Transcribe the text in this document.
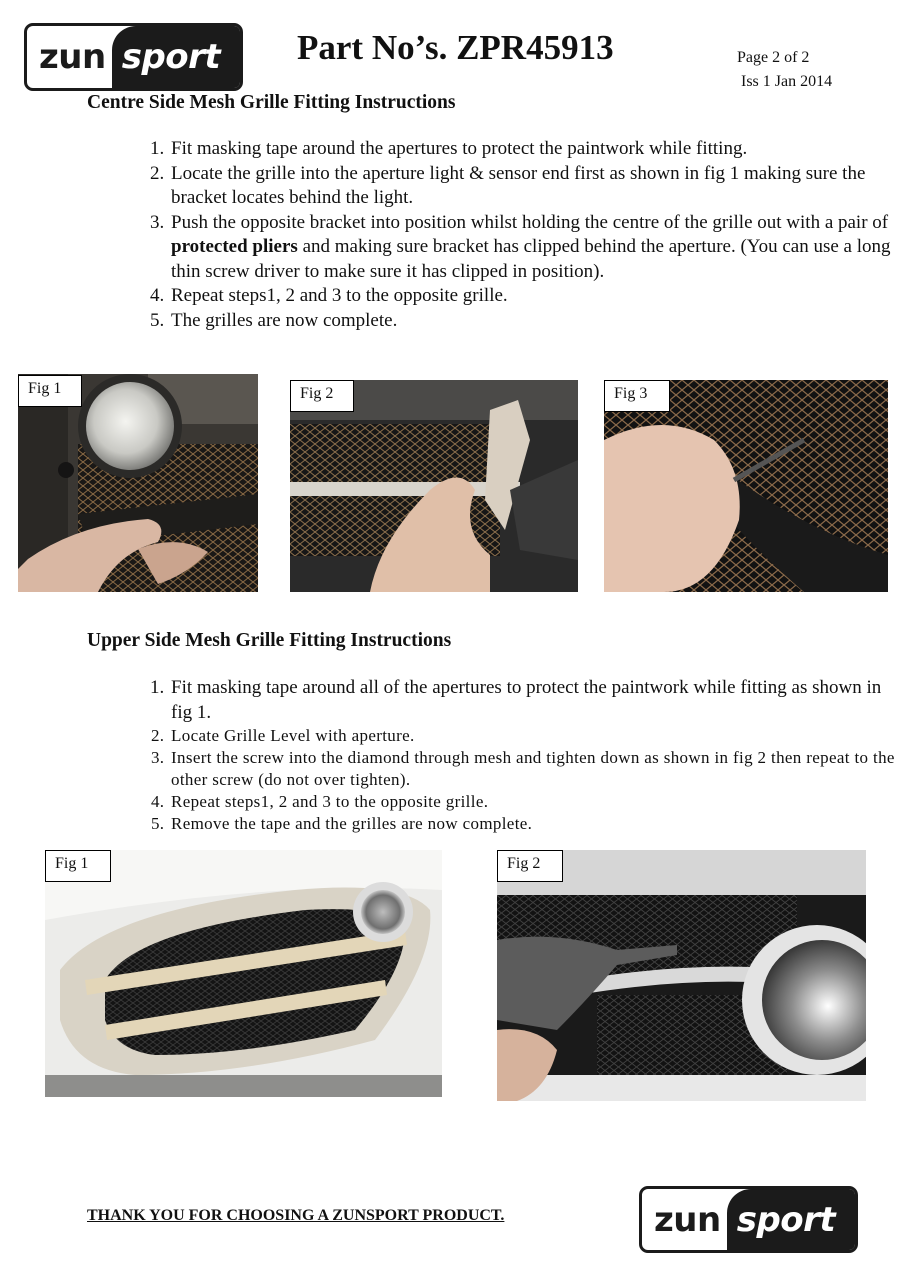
zun sport	Part No’s. ZPR45913	Page 2 of 2
Iss 1 Jan 2014
Centre Side Mesh Grille Fitting Instructions
1. Fit masking tape around the apertures to protect the paintwork while fitting.
2. Locate the grille into the aperture light & sensor end first as shown in fig 1 making sure the bracket locates behind the light.
3. Push the opposite bracket into position whilst holding the centre of the grille out with a pair of protected pliers and making sure bracket has clipped behind the aperture. (You can use a long thin screw driver to make sure it has clipped in position).
4. Repeat steps1, 2 and 3 to the opposite grille.
5. The grilles are now complete.
Fig 1	Fig 2	Fig 3
Upper Side Mesh Grille Fitting Instructions
1. Fit masking tape around all of the apertures to protect the paintwork while fitting as shown in fig 1.
2. Locate Grille Level with aperture.
3. Insert the screw into the diamond through mesh and tighten down as shown in fig 2 then repeat to the other screw (do not over tighten).
4. Repeat steps1, 2 and 3 to the opposite grille.
5. Remove the tape and the grilles are now complete.
Fig 1	Fig 2
THANK YOU FOR CHOOSING A ZUNSPORT PRODUCT.	zun sport
